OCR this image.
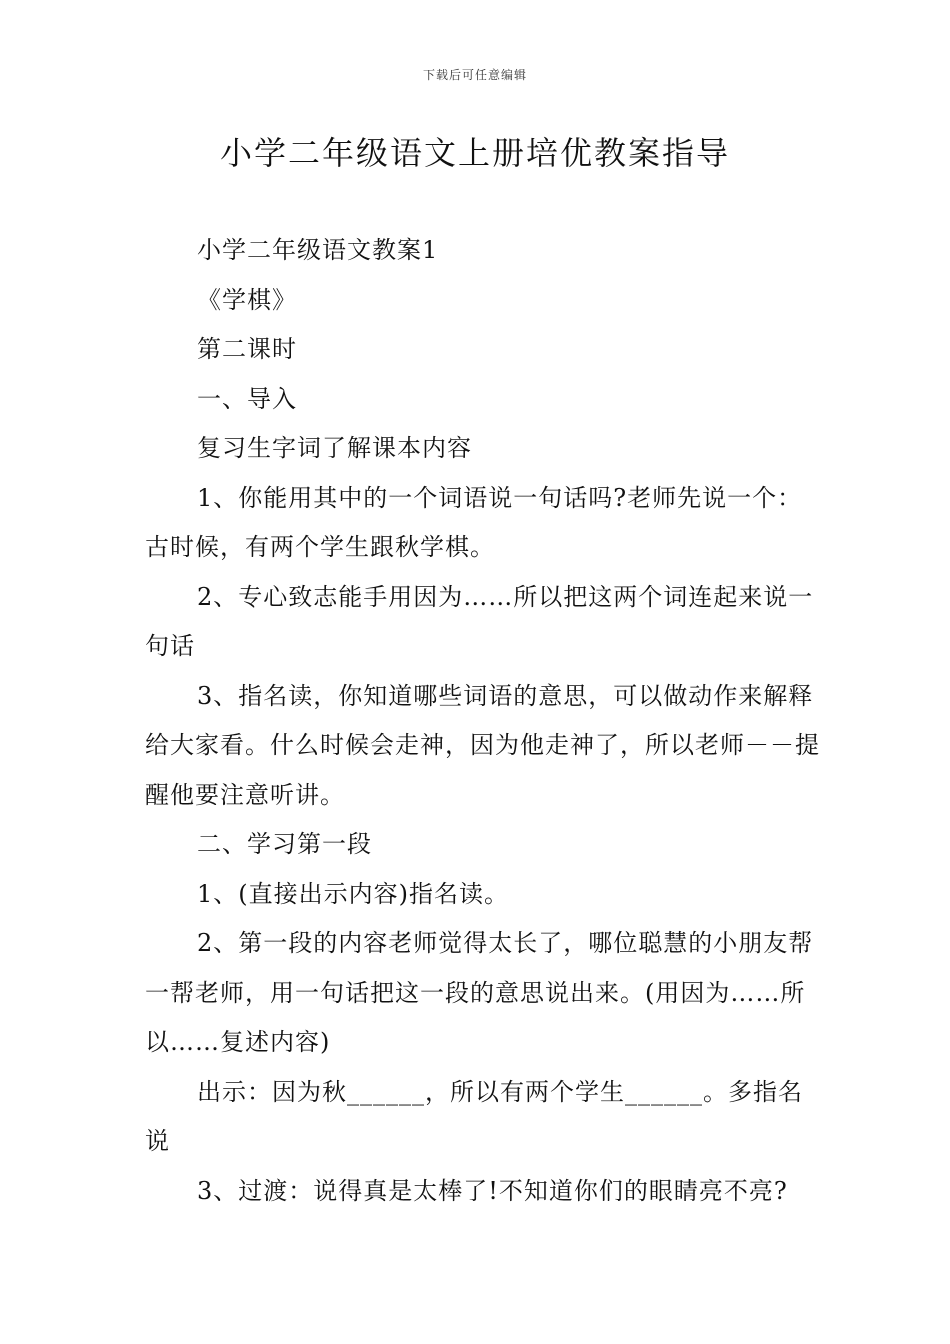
下载后可任意编辑
小学二年级语文上册培优教案指导

小学二年级语文教案1

《学棋》

第二课时

一、导入

复习生字词了解课本内容

1、你能用其中的一个词语说一句话吗?老师先说一个：古时候，有两个学生跟秋学棋。

2、专心致志能手用因为……所以把这两个词连起来说一句话

3、指名读，你知道哪些词语的意思，可以做动作来解释给大家看。什么时候会走神，因为他走神了，所以老师－－提醒他要注意听讲。

二、学习第一段

1、(直接出示内容)指名读。

2、第一段的内容老师觉得太长了，哪位聪慧的小朋友帮一帮老师，用一句话把这一段的意思说出来。(用因为……所以……复述内容)

出示：因为秋______，所以有两个学生______。多指名说

3、过渡：说得真是太棒了!不知道你们的眼睛亮不亮?
